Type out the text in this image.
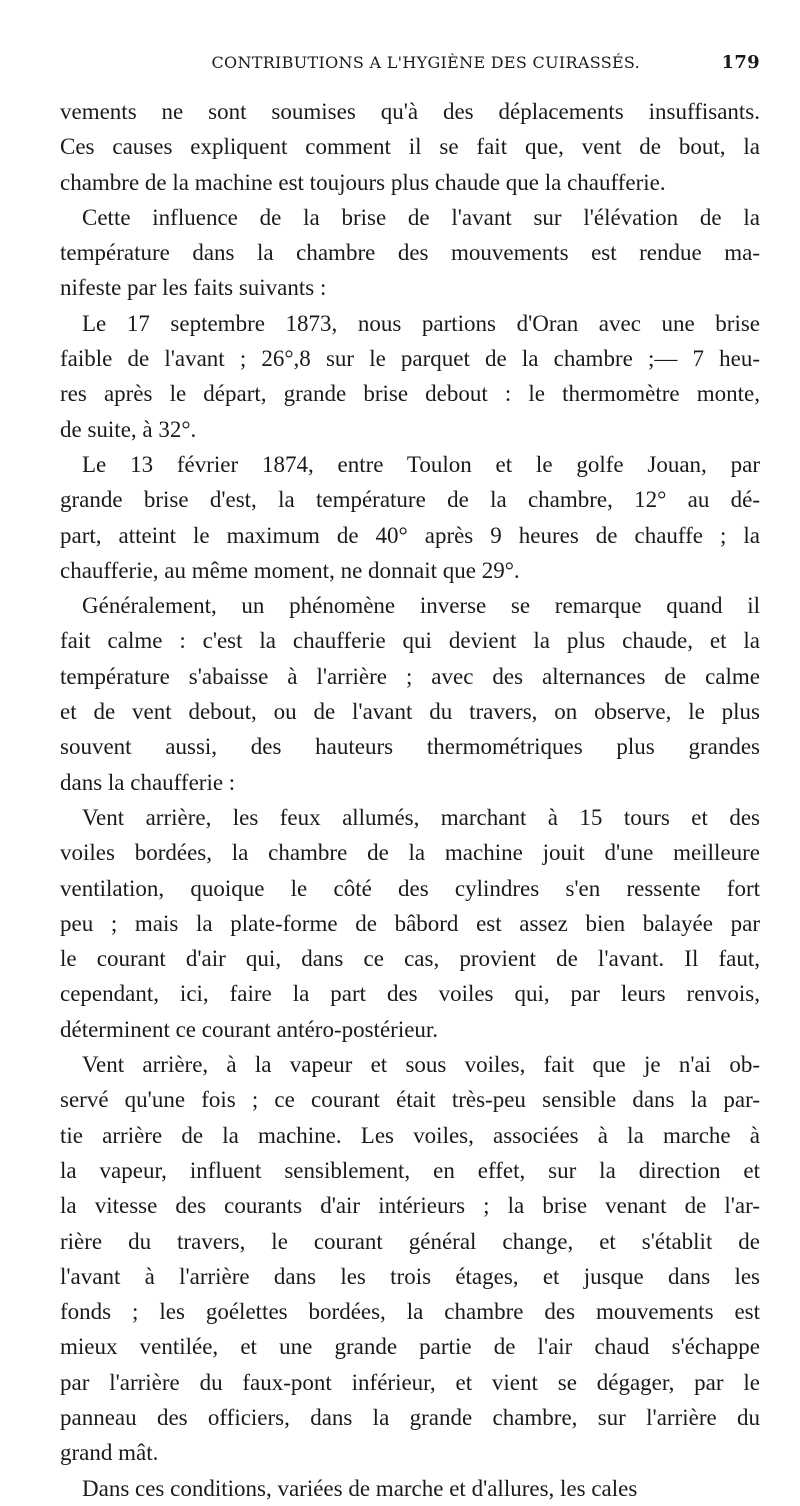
CONTRIBUTIONS A L'HYGIÈNE DES CUIRASSÉS.	179
vements ne sont soumises qu'à des déplacements insuffisants.
Ces causes expliquent comment il se fait que, vent de bout, la
chambre de la machine est toujours plus chaude que la chaufferie.
Cette influence de la brise de l'avant sur l'élévation de la
température dans la chambre des mouvements est rendue ma-
nifeste par les faits suivants :
Le 17 septembre 1873, nous partions d'Oran avec une brise
faible de l'avant ; 26°,8 sur le parquet de la chambre ;— 7 heu-
res après le départ, grande brise debout : le thermomètre monte,
de suite, à 32°.
Le 13 février 1874, entre Toulon et le golfe Jouan, par
grande brise d'est, la température de la chambre, 12° au dé-
part, atteint le maximum de 40° après 9 heures de chauffe ; la
chaufferie, au même moment, ne donnait que 29°.
Généralement, un phénomène inverse se remarque quand il
fait calme : c'est la chaufferie qui devient la plus chaude, et la
température s'abaisse à l'arrière ; avec des alternances de calme
et de vent debout, ou de l'avant du travers, on observe, le plus
souvent aussi, des hauteurs thermométriques plus grandes
dans la chaufferie :
Vent arrière, les feux allumés, marchant à 15 tours et des
voiles bordées, la chambre de la machine jouit d'une meilleure
ventilation, quoique le côté des cylindres s'en ressente fort
peu ; mais la plate-forme de bâbord est assez bien balayée par
le courant d'air qui, dans ce cas, provient de l'avant. Il faut,
cependant, ici, faire la part des voiles qui, par leurs renvois,
déterminent ce courant antéro-postérieur.
Vent arrière, à la vapeur et sous voiles, fait que je n'ai ob-
servé qu'une fois ; ce courant était très-peu sensible dans la par-
tie arrière de la machine. Les voiles, associées à la marche à
la vapeur, influent sensiblement, en effet, sur la direction et
la vitesse des courants d'air intérieurs ; la brise venant de l'ar-
rière du travers, le courant général change, et s'établit de
l'avant à l'arrière dans les trois étages, et jusque dans les
fonds ; les goélettes bordées, la chambre des mouvements est
mieux ventilée, et une grande partie de l'air chaud s'échappe
par l'arrière du faux-pont inférieur, et vient se dégager, par le
panneau des officiers, dans la grande chambre, sur l'arrière du
grand mât.
Dans ces conditions, variées de marche et d'allures, les cales
